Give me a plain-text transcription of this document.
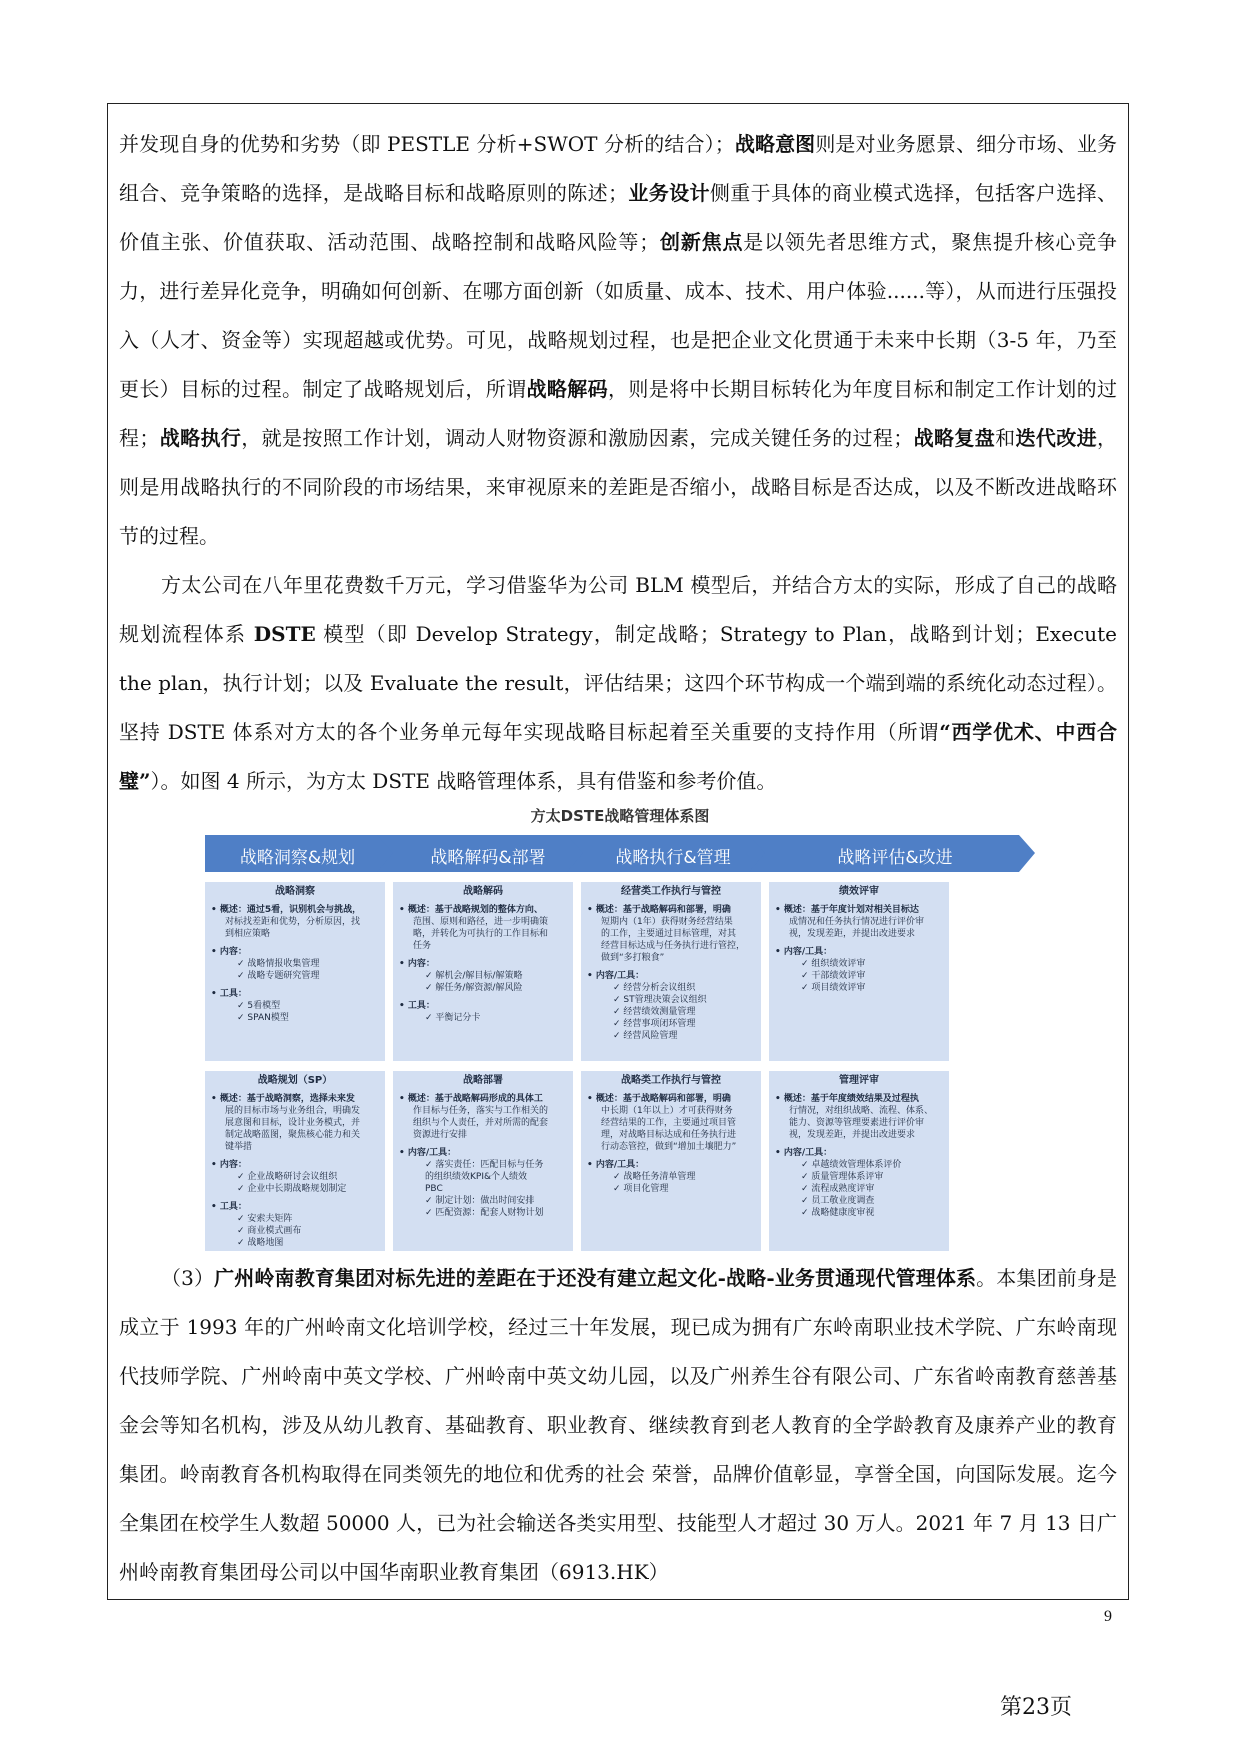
并发现自身的优势和劣势（即 PESTLE 分析+SWOT 分析的结合）；战略意图则是对业务愿景、细分市场、业务组合、竞争策略的选择，是战略目标和战略原则的陈述；业务设计侧重于具体的商业模式选择，包括客户选择、价值主张、价值获取、活动范围、战略控制和战略风险等；创新焦点是以领先者思维方式，聚焦提升核心竞争力，进行差异化竞争，明确如何创新、在哪方面创新（如质量、成本、技术、用户体验......等），从而进行压强投入（人才、资金等）实现超越或优势。可见，战略规划过程，也是把企业文化贯通于未来中长期（3-5 年，乃至更长）目标的过程。制定了战略规划后，所谓战略解码，则是将中长期目标转化为年度目标和制定工作计划的过程；战略执行，就是按照工作计划，调动人财物资源和激励因素，完成关键任务的过程；战略复盘和迭代改进，则是用战略执行的不同阶段的市场结果，来审视原来的差距是否缩小，战略目标是否达成，以及不断改进战略环节的过程。

方太公司在八年里花费数千万元，学习借鉴华为公司 BLM 模型后，并结合方太的实际，形成了自己的战略规划流程体系 DSTE 模型（即 Develop Strategy，制定战略；Strategy to Plan，战略到计划；Execute the plan，执行计划；以及 Evaluate the result，评估结果；这四个环节构成一个端到端的系统化动态过程）。坚持 DSTE 体系对方太的各个业务单元每年实现战略目标起着至关重要的支持作用（所谓“西学优术、中西合璧”）。如图 4 所示，为方太 DSTE 战略管理体系，具有借鉴和参考价值。

方太DSTE战略管理体系图
战略洞察&规划	战略解码&部署	战略执行&管理	战略评估&改进
战略洞察
• 概述：通过5看，识别机会与挑战，
对标找差距和优势，分析原因，找
到相应策略
• 内容：
✓ 战略情报收集管理
✓ 战略专题研究管理
• 工具：
✓ 5看模型
✓ SPAN模型
战略解码
• 概述：基于战略规划的整体方向、
范围、原则和路径，进一步明确策
略，并转化为可执行的工作目标和
任务
• 内容：
✓ 解机会/解目标/解策略
✓ 解任务/解资源/解风险
• 工具：
✓ 平衡记分卡
经营类工作执行与管控
• 概述：基于战略解码和部署，明确
短期内（1年）获得财务经营结果
的工作，主要通过目标管理，对其
经营目标达成与任务执行进行管控，
做到“多打粮食”
• 内容/工具：
✓ 经营分析会议组织
✓ ST管理决策会议组织
✓ 经营绩效测量管理
✓ 经营事项闭环管理
✓ 经营风险管理
绩效评审
• 概述：基于年度计划对相关目标达
成情况和任务执行情况进行评价审
视，发现差距，并提出改进要求
• 内容/工具：
✓ 组织绩效评审
✓ 干部绩效评审
✓ 项目绩效评审
战略规划（SP）
• 概述：基于战略洞察，选择未来发
展的目标市场与业务组合，明确发
展意图和目标，设计业务模式，并
制定战略蓝图，聚焦核心能力和关
键举措
• 内容：
✓ 企业战略研讨会议组织
✓ 企业中长期战略规划制定
• 工具：
✓ 安索夫矩阵
✓ 商业模式画布
✓ 战略地图
战略部署
• 概述：基于战略解码形成的具体工
作目标与任务，落实与工作相关的
组织与个人责任，并对所需的配套
资源进行安排
• 内容/工具：
✓ 落实责任：匹配目标与任务
的组织绩效KPI&个人绩效
PBC
✓ 制定计划：做出时间安排
✓ 匹配资源：配套人财物计划
战略类工作执行与管控
• 概述：基于战略解码和部署，明确
中长期（1年以上）才可获得财务
经营结果的工作，主要通过项目管
理，对战略目标达成和任务执行进
行动态管控，做到“增加土壤肥力”
• 内容/工具：
✓ 战略任务清单管理
✓ 项目化管理
管理评审
• 概述：基于年度绩效结果及过程执
行情况，对组织战略、流程、体系、
能力、资源等管理要素进行评价审
视，发现差距，并提出改进要求
• 内容/工具：
✓ 卓越绩效管理体系评价
✓ 质量管理体系评审
✓ 流程成熟度评审
✓ 员工敬业度调查
✓ 战略健康度审视

（3）广州岭南教育集团对标先进的差距在于还没有建立起文化-战略-业务贯通现代管理体系。本集团前身是成立于 1993 年的广州岭南文化培训学校，经过三十年发展，现已成为拥有广东岭南职业技术学院、广东岭南现代技师学院、广州岭南中英文学校、广州岭南中英文幼儿园，以及广州养生谷有限公司、广东省岭南教育慈善基金会等知名机构，涉及从幼儿教育、基础教育、职业教育、继续教育到老人教育的全学龄教育及康养产业的教育集团。岭南教育各机构取得在同类领先的地位和优秀的社会 荣誉，品牌价值彰显，享誉全国，向国际发展。迄今全集团在校学生人数超 50000 人，已为社会输送各类实用型、技能型人才超过 30 万人。2021 年 7 月 13 日广州岭南教育集团母公司以中国华南职业教育集团（6913.HK）

9
第23页
